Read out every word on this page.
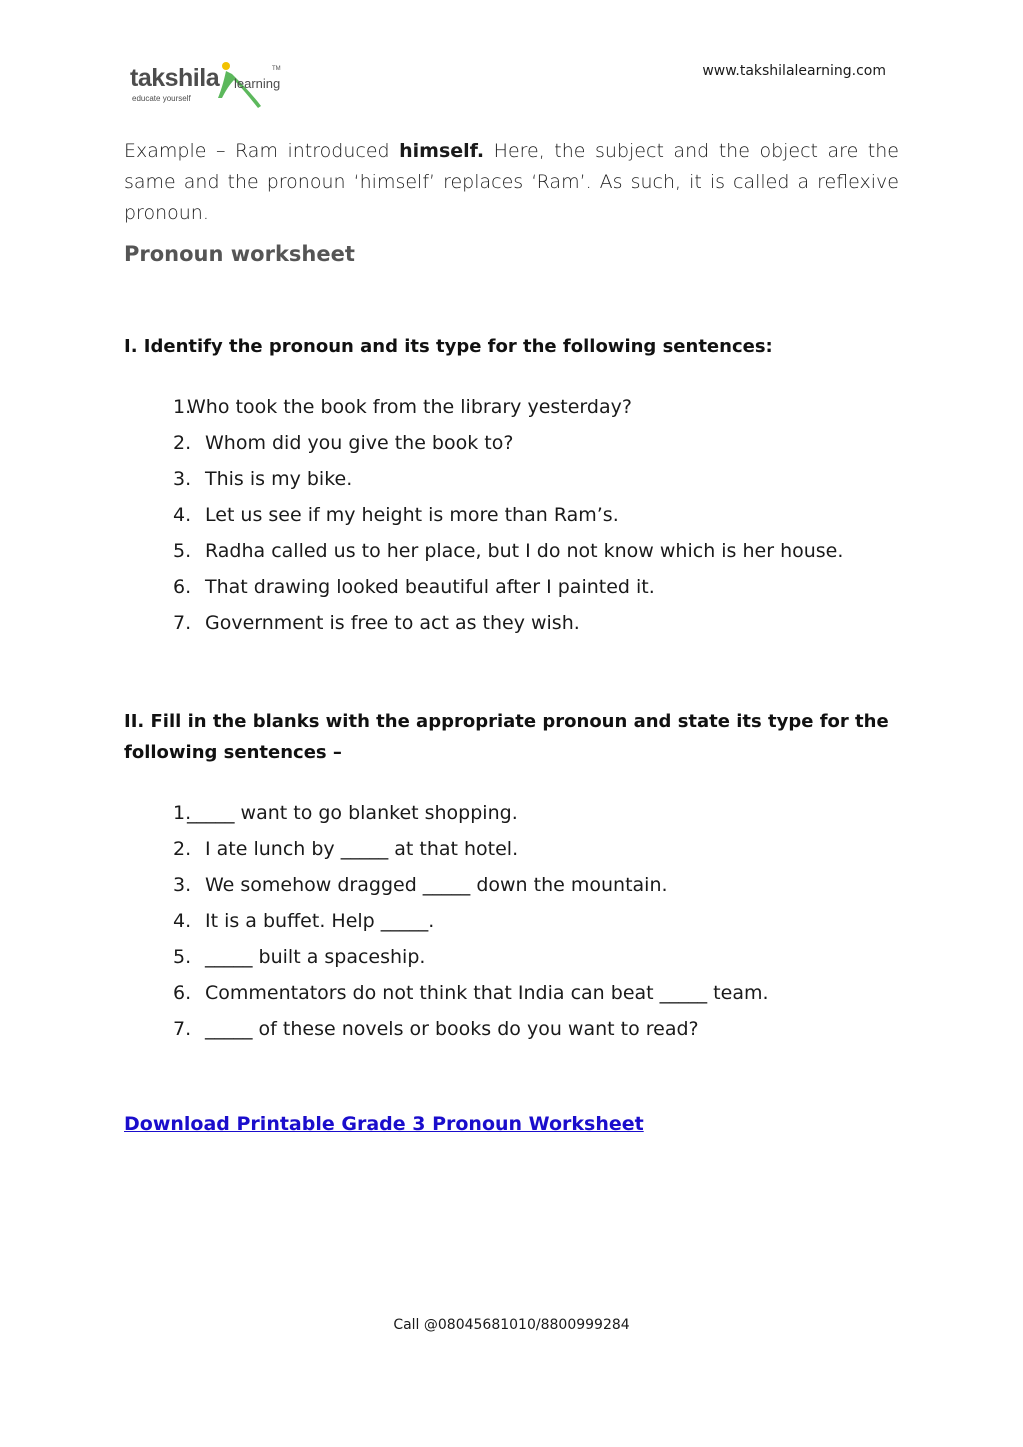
takshila learning
educate yourself
TM	www.takshilalearning.com

Example – Ram introduced himself. Here, the subject and the object are the same and the pronoun ‘himself’ replaces ‘Ram’. As such, it is called a reflexive pronoun.

Pronoun worksheet
I. Identify the pronoun and its type for the following sentences:
1.Who took the book from the library yesterday?
2. Whom did you give the book to?
3. This is my bike.
4. Let us see if my height is more than Ram’s.
5. Radha called us to her place, but I do not know which is her house.
6. That drawing looked beautiful after I painted it.
7. Government is free to act as they wish.
II. Fill in the blanks with the appropriate pronoun and state its type for the following sentences –
1._____ want to go blanket shopping.
2. I ate lunch by _____ at that hotel.
3. We somehow dragged _____ down the mountain.
4. It is a buffet. Help _____.
5. _____ built a spaceship.
6. Commentators do not think that India can beat _____ team.
7. _____ of these novels or books do you want to read?
Download Printable Grade 3 Pronoun Worksheet
Call @08045681010/8800999284
